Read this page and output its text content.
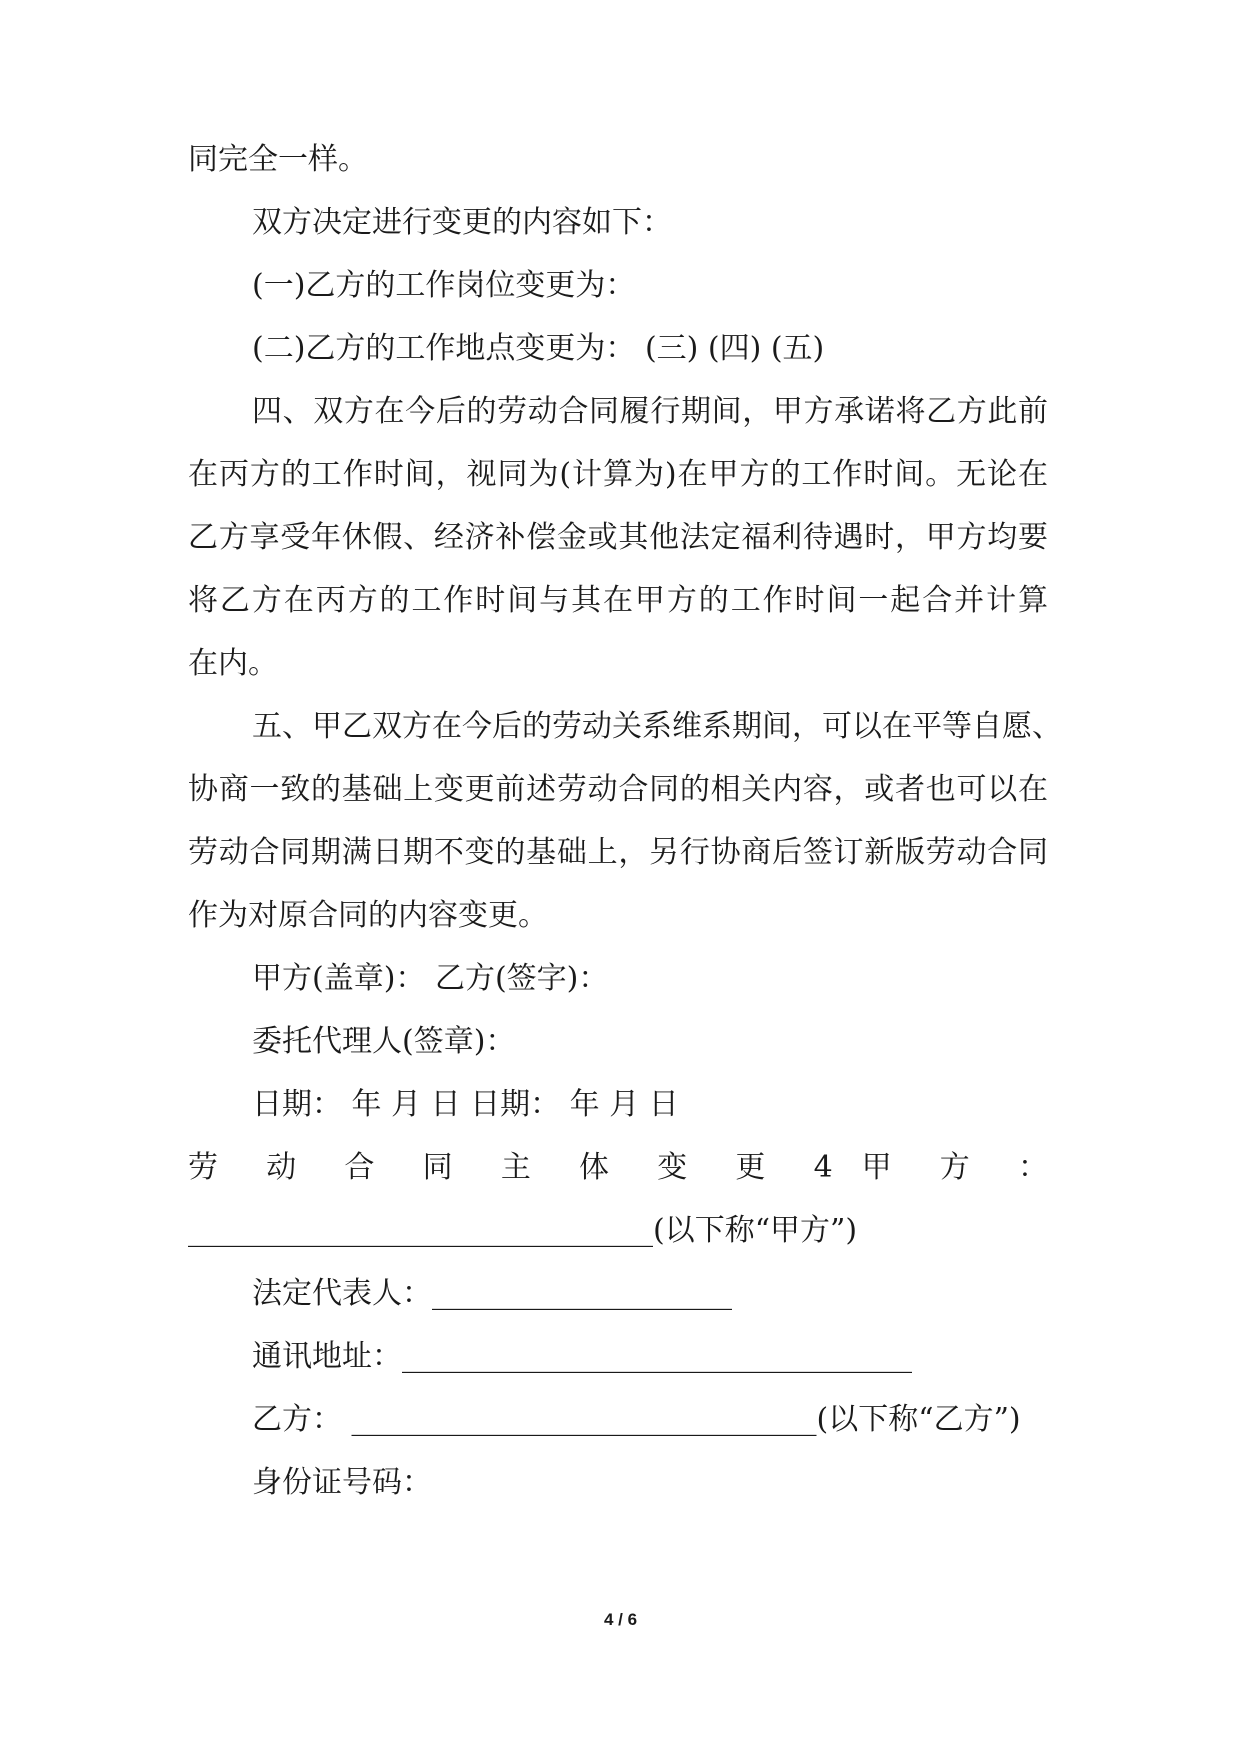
同完全一样。
双方决定进行变更的内容如下：
(一)乙方的工作岗位变更为：
(二)乙方的工作地点变更为： (三) (四) (五)
四、双方在今后的劳动合同履行期间，甲方承诺将乙方此前
在丙方的工作时间，视同为(计算为)在甲方的工作时间。无论在
乙方享受年休假、经济补偿金或其他法定福利待遇时，甲方均要
将乙方在丙方的工作时间与其在甲方的工作时间一起合并计算
在内。
五、甲乙双方在今后的劳动关系维系期间，可以在平等自愿、
协商一致的基础上变更前述劳动合同的相关内容，或者也可以在
劳动合同期满日期不变的基础上，另行协商后签订新版劳动合同
作为对原合同的内容变更。
甲方(盖章)： 乙方(签字)：
委托代理人(签章)：
日期： 年 月 日 日期： 年 月 日
劳 动 合 同 主 体 变 更 4 甲 方 ：
_______________________________(以下称“甲方”)
法定代表人：____________________
通讯地址：__________________________________
乙方： _______________________________(以下称“乙方”)
身份证号码：
4 / 6
